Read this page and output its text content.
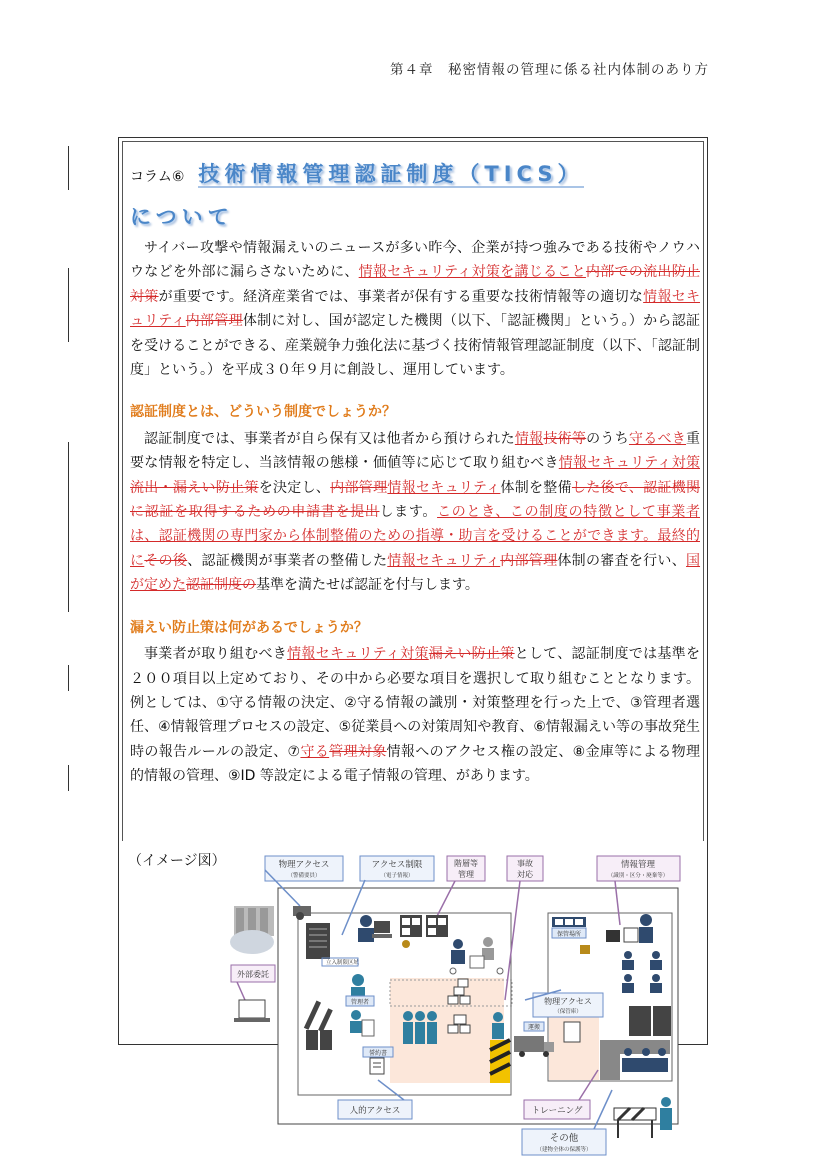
第４章　秘密情報の管理に係る社内体制のあり方
コラム⑥ 技術情報管理認証制度（TICS）
について

サイバー攻撃や情報漏えいのニュースが多い昨今、企業が持つ強みである技術やノウハウなどを外部に漏らさないために、情報セキュリティ対策を講じること内部での流出防止対策が重要です。経済産業省では、事業者が保有する重要な技術情報等の適切な情報セキュリティ内部管理体制に対し、国が認定した機関（以下、「認証機関」という。）から認証を受けることができる、産業競争力強化法に基づく技術情報管理認証制度（以下、「認証制度」という。）を平成３０年９月に創設し、運用しています。

認証制度とは、どういう制度でしょうか？

認証制度では、事業者が自ら保有又は他者から預けられた情報技術等のうち守るべき重要な情報を特定し、当該情報の態様・価値等に応じて取り組むべき情報セキュリティ対策流出・漏えい防止策を決定し、内部管理情報セキュリティ体制を整備した後で、認証機関に認証を取得するための申請書を提出します。このとき、この制度の特徴として事業者は、認証機関の専門家から体制整備のための指導・助言を受けることができます。最終的にその後、認証機関が事業者の整備した情報セキュリティ内部管理体制の審査を行い、国が定めた認証制度の基準を満たせば認証を付与します。

漏えい防止策は何があるでしょうか？

事業者が取り組むべき情報セキュリティ対策漏えい防止策として、認証制度では基準を２００項目以上定めており、その中から必要な項目を選択して取り組むこととなります。例としては、①守る情報の決定、②守る情報の識別・対策整理を行った上で、③管理者選任、④情報管理プロセスの設定、⑤従業員への対策周知や教育、⑥情報漏えい等の事故発生時の報告ルールの設定、⑦守る管理対象情報へのアクセス権の設定、⑧金庫等による物理的情報の管理、⑨ID 等設定による電子情報の管理、があります。

（イメージ図）	物理アクセス
（警備要員）
アクセス制限
（電子情報）
階層等
管理
事故
対応
情報管理
（識別・区分・廃棄等）
外部委託
物理アクセス
（保管庫）
人的アクセス	トレーニング
その他
（建物全体の保護等）
立入制限区域
管理者
誓約書
運搬
保管場所
